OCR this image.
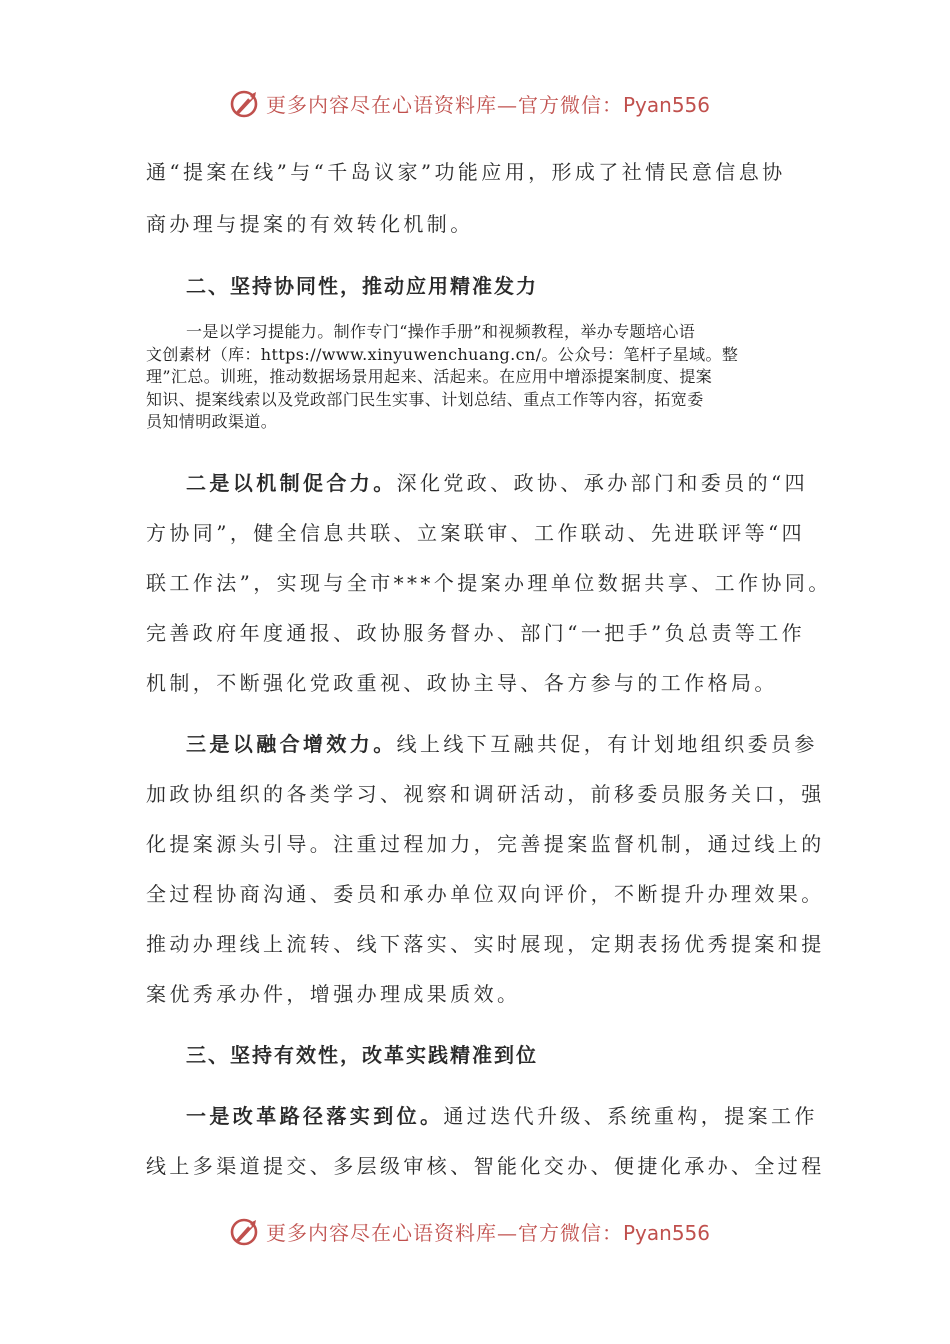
更多内容尽在心语资料库—官方微信：Pyan556
通“提案在线”与“千岛议家”功能应用，形成了社情民意信息协
商办理与提案的有效转化机制。
二、坚持协同性，推动应用精准发力
一是以学习提能力。制作专门“操作手册”和视频教程，举办专题培心语
文创素材（库：https://www.xinyuwenchuang.cn/。公众号：笔杆子星域。整
理”汇总。训班，推动数据场景用起来、活起来。在应用中增添提案制度、提案
知识、提案线索以及党政部门民生实事、计划总结、重点工作等内容，拓宽委
员知情明政渠道。
二是以机制促合力。深化党政、政协、承办部门和委员的“四
方协同”，健全信息共联、立案联审、工作联动、先进联评等“四
联工作法”，实现与全市***个提案办理单位数据共享、工作协同。
完善政府年度通报、政协服务督办、部门“一把手”负总责等工作
机制，不断强化党政重视、政协主导、各方参与的工作格局。
三是以融合增效力。线上线下互融共促，有计划地组织委员参
加政协组织的各类学习、视察和调研活动，前移委员服务关口，强
化提案源头引导。注重过程加力，完善提案监督机制，通过线上的
全过程协商沟通、委员和承办单位双向评价，不断提升办理效果。
推动办理线上流转、线下落实、实时展现，定期表扬优秀提案和提
案优秀承办件，增强办理成果质效。
三、坚持有效性，改革实践精准到位
一是改革路径落实到位。通过迭代升级、系统重构，提案工作
线上多渠道提交、多层级审核、智能化交办、便捷化承办、全过程
更多内容尽在心语资料库—官方微信：Pyan556
